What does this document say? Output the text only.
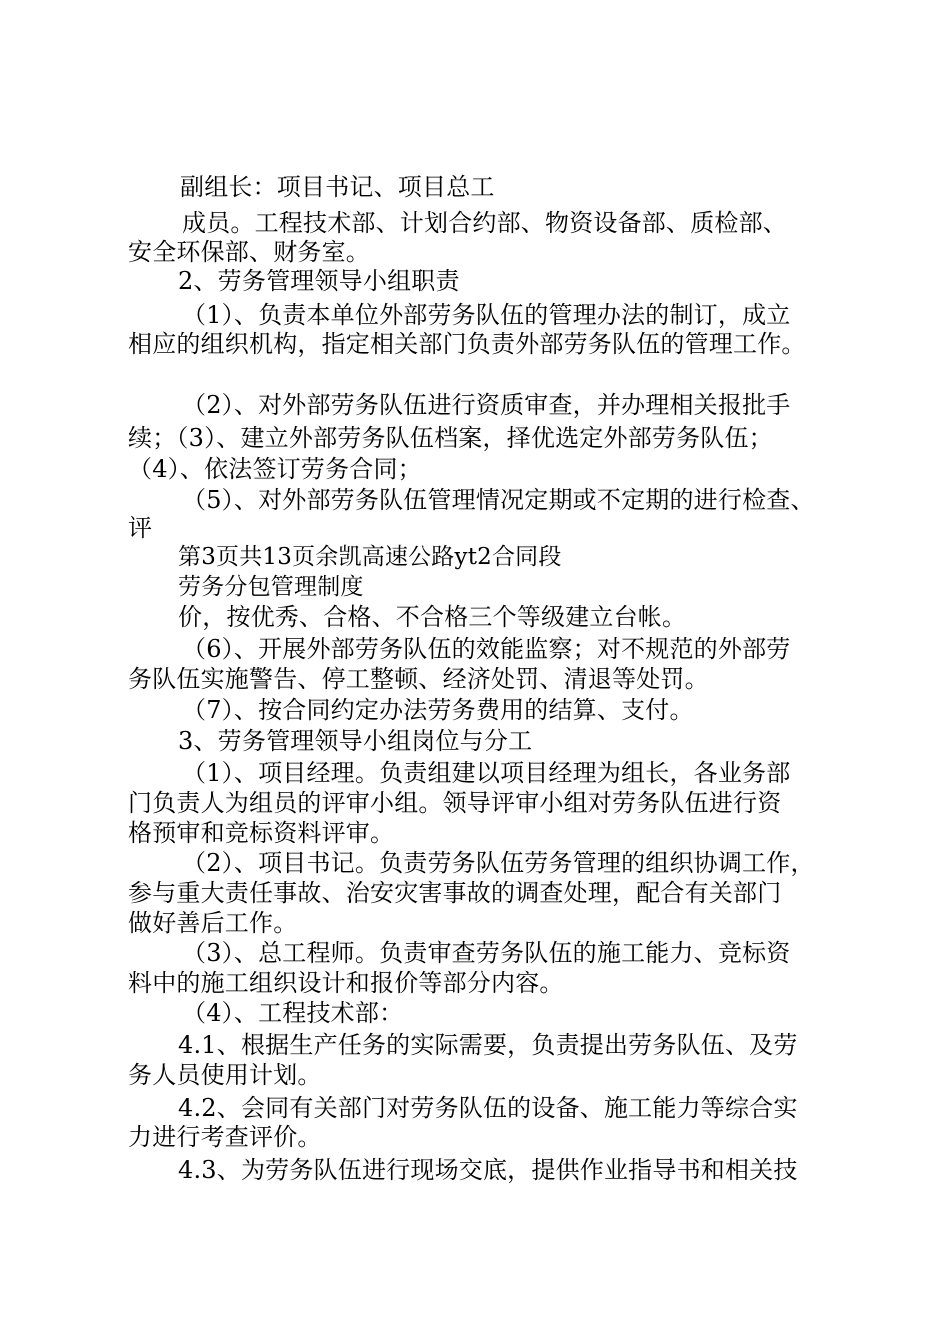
副组长：项目书记、项目总工
成员。工程技术部、计划合约部、物资设备部、质检部、
安全环保部、财务室。
2、劳务管理领导小组职责
（1）、负责本单位外部劳务队伍的管理办法的制订，成立
相应的组织机构，指定相关部门负责外部劳务队伍的管理工作。
（2）、对外部劳务队伍进行资质审查，并办理相关报批手
续；（3）、建立外部劳务队伍档案，择优选定外部劳务队伍；
（4）、依法签订劳务合同；
（5）、对外部劳务队伍管理情况定期或不定期的进行检查、
评
第3页共13页余凯高速公路yt2合同段
劳务分包管理制度
价，按优秀、合格、不合格三个等级建立台帐。
（6）、开展外部劳务队伍的效能监察；对不规范的外部劳
务队伍实施警告、停工整顿、经济处罚、清退等处罚。
（7）、按合同约定办法劳务费用的结算、支付。
3、劳务管理领导小组岗位与分工
（1）、项目经理。负责组建以项目经理为组长，各业务部
门负责人为组员的评审小组。领导评审小组对劳务队伍进行资
格预审和竞标资料评审。
（2）、项目书记。负责劳务队伍劳务管理的组织协调工作，
参与重大责任事故、治安灾害事故的调查处理，配合有关部门
做好善后工作。
（3）、总工程师。负责审查劳务队伍的施工能力、竞标资
料中的施工组织设计和报价等部分内容。
（4）、工程技术部：
4.1、根据生产任务的实际需要，负责提出劳务队伍、及劳
务人员使用计划。
4.2、会同有关部门对劳务队伍的设备、施工能力等综合实
力进行考查评价。
4.3、为劳务队伍进行现场交底，提供作业指导书和相关技
